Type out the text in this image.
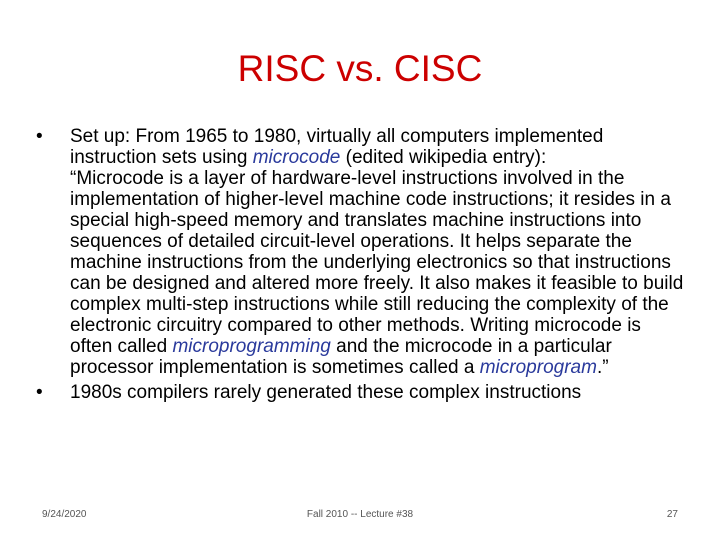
RISC vs. CISC

•	Set up: From 1965 to 1980, virtually all computers implemented instruction sets using microcode (edited wikipedia entry):
“Microcode is a layer of hardware-level instructions involved in the implementation of higher-level machine code instructions; it resides in a special high-speed memory and translates machine instructions into sequences of detailed circuit-level operations. It helps separate the machine instructions from the underlying electronics so that instructions can be designed and altered more freely. It also makes it feasible to build complex multi-step instructions while still reducing the complexity of the electronic circuitry compared to other methods. Writing microcode is often called microprogramming and the microcode in a particular processor implementation is sometimes called a microprogram.”

•	1980s compilers rarely generated these complex instructions

9/24/2020	Fall 2010 -- Lecture #38	27
